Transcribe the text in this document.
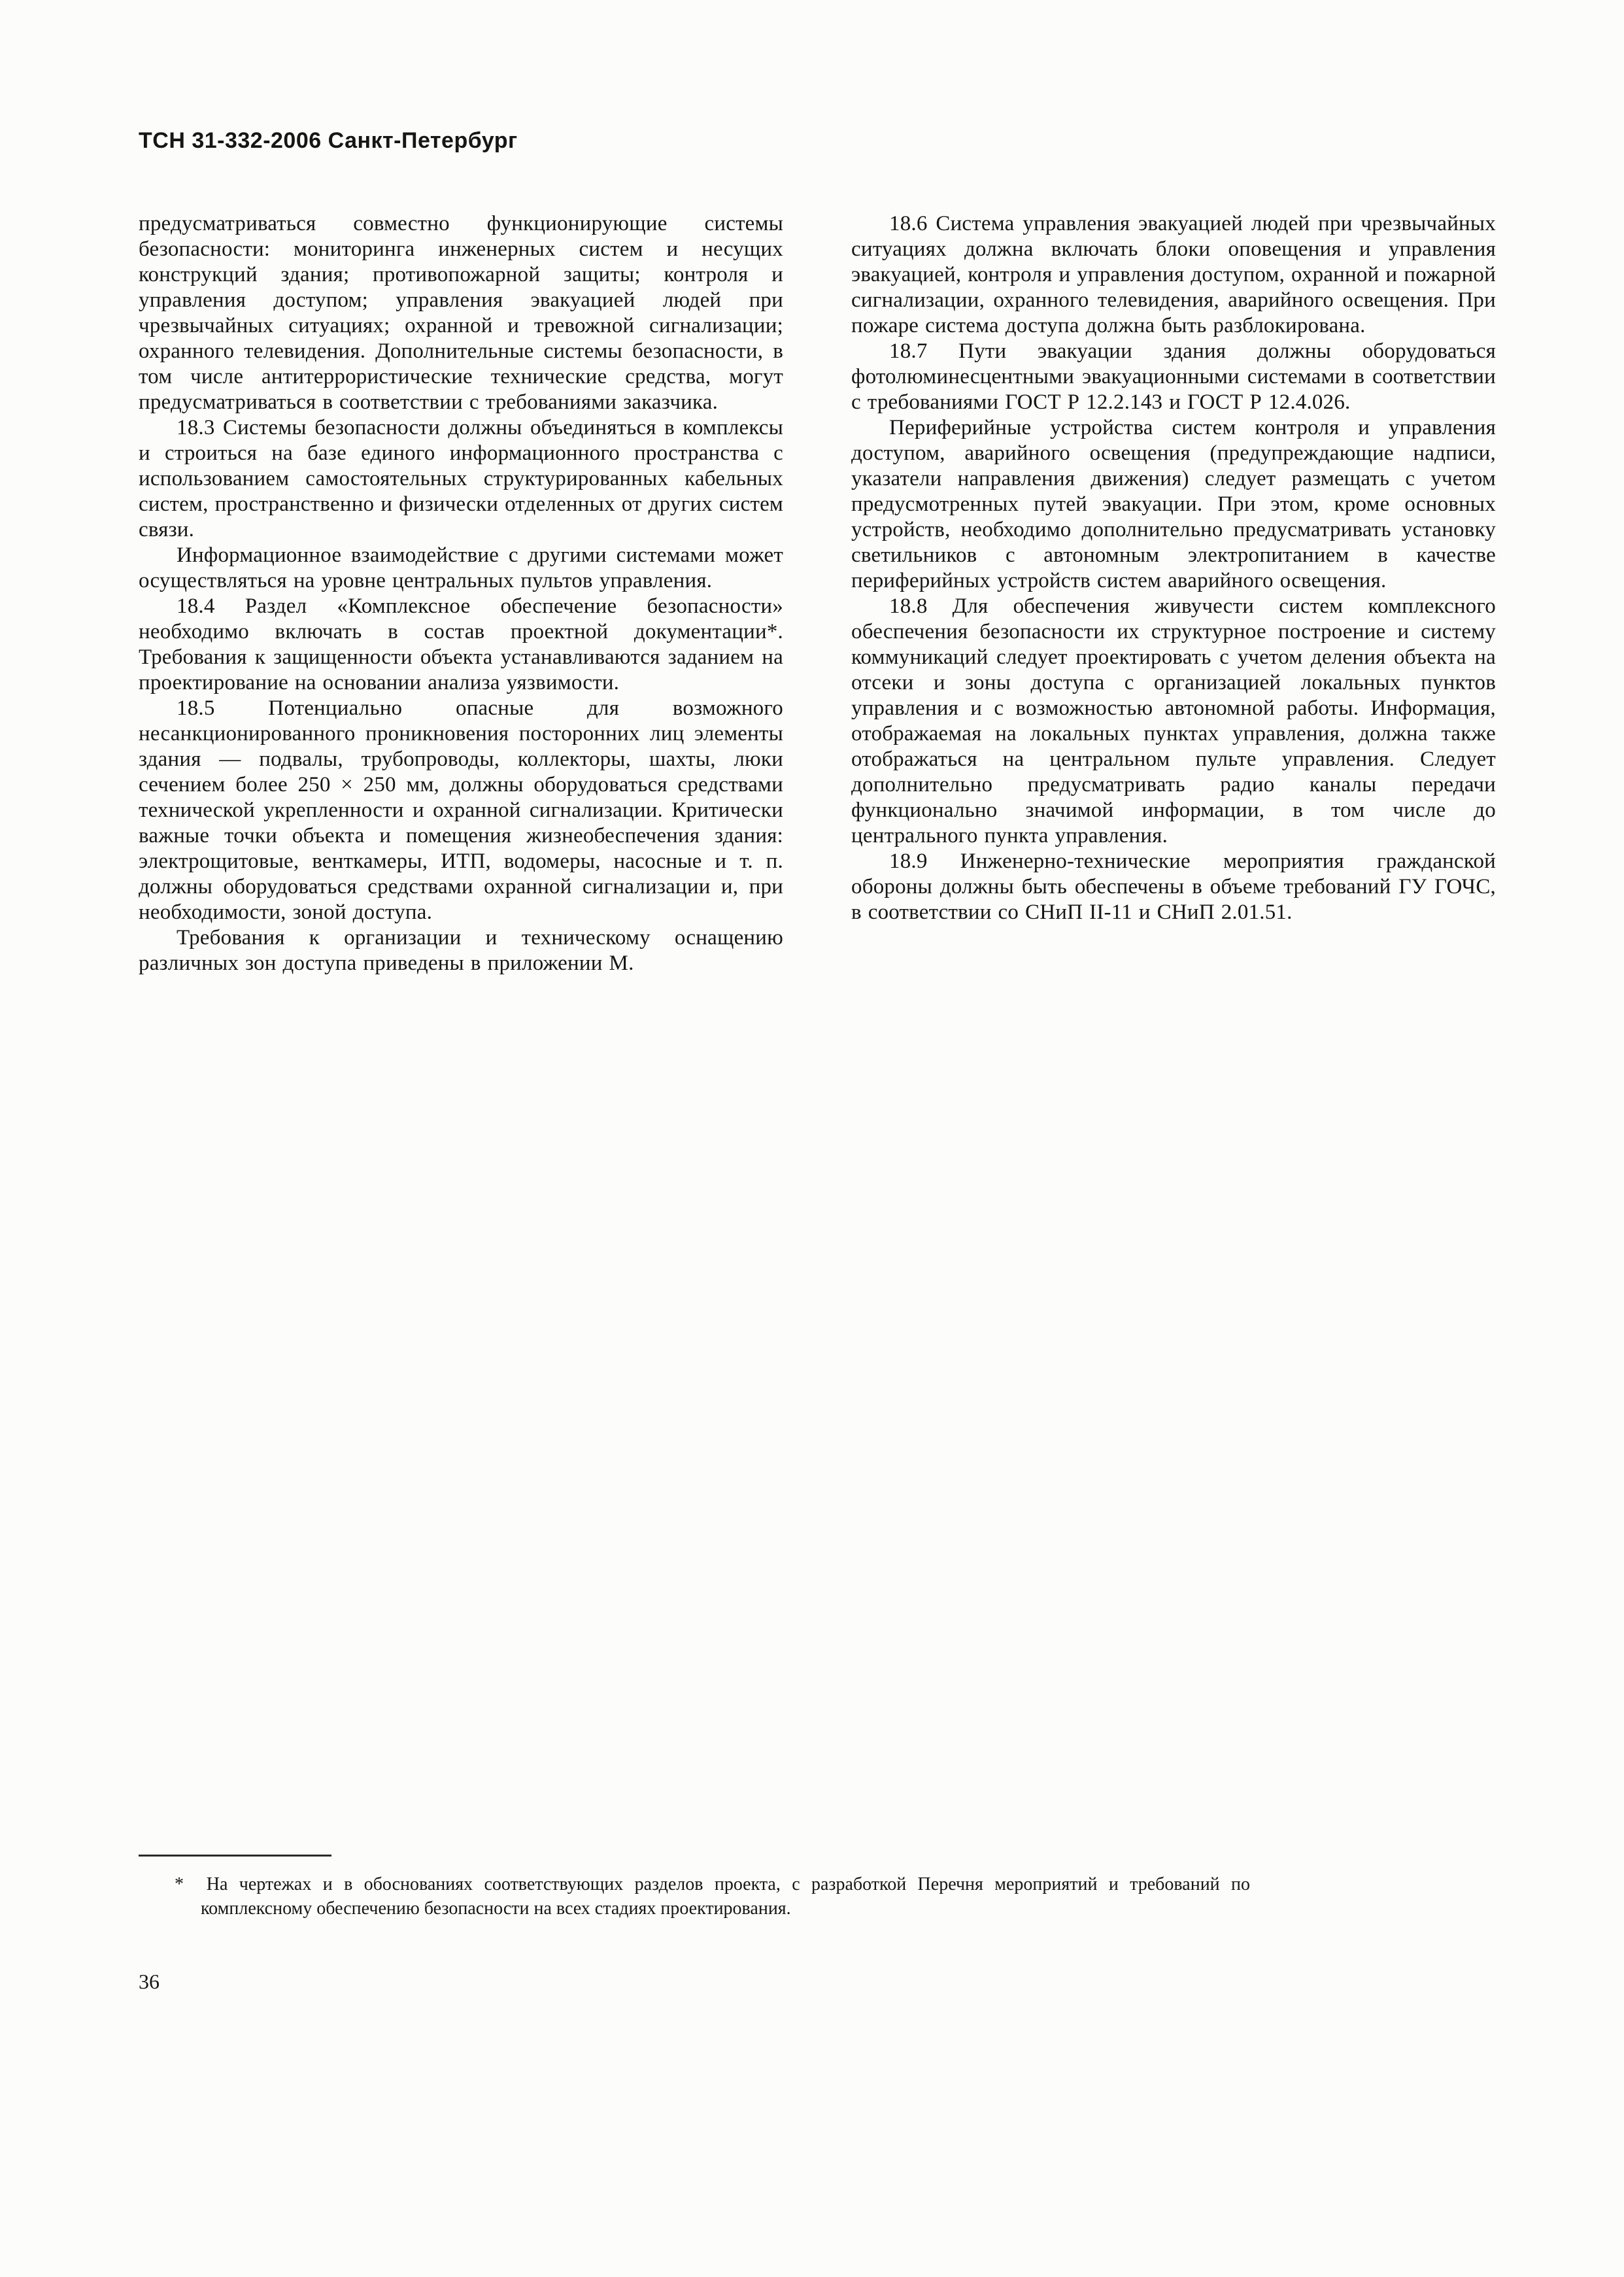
ТСН 31-332-2006 Санкт-Петербург

предусматриваться совместно функционирующие системы безопасности: мониторинга инженерных систем и несущих конструкций здания; противопожарной защиты; контроля и управления доступом; управления эвакуацией людей при чрезвычайных ситуациях; охранной и тревожной сигнализации; охранного телевидения. Дополнительные системы безопасности, в том числе антитеррористические технические средства, могут предусматриваться в соответствии с требованиями заказчика.

18.3 Системы безопасности должны объединяться в комплексы и строиться на базе единого информационного пространства с использованием самостоятельных структурированных кабельных систем, пространственно и физически отделенных от других систем связи.

Информационное взаимодействие с другими системами может осуществляться на уровне центральных пультов управления.

18.4 Раздел «Комплексное обеспечение безопасности» необходимо включать в состав проектной документации*. Требования к защищенности объекта устанавливаются заданием на проектирование на основании анализа уязвимости.

18.5 Потенциально опасные для возможного несанкционированного проникновения посторонних лиц элементы здания — подвалы, трубопроводы, коллекторы, шахты, люки сечением более 250 × 250 мм, должны оборудоваться средствами технической укрепленности и охранной сигнализации. Критически важные точки объекта и помещения жизнеобеспечения здания: электрощитовые, венткамеры, ИТП, водомеры, насосные и т. п. должны оборудоваться средствами охранной сигнализации и, при необходимости, зоной доступа.

Требования к организации и техническому оснащению различных зон доступа приведены в приложении М.

18.6 Система управления эвакуацией людей при чрезвычайных ситуациях должна включать блоки оповещения и управления эвакуацией, контроля и управления доступом, охранной и пожарной сигнализации, охранного телевидения, аварийного освещения. При пожаре система доступа должна быть разблокирована.

18.7 Пути эвакуации здания должны оборудоваться фотолюминесцентными эвакуационными системами в соответствии с требованиями ГОСТ Р 12.2.143 и ГОСТ Р 12.4.026.

Периферийные устройства систем контроля и управления доступом, аварийного освещения (предупреждающие надписи, указатели направления движения) следует размещать с учетом предусмотренных путей эвакуации. При этом, кроме основных устройств, необходимо дополнительно предусматривать установку светильников с автономным электропитанием в качестве периферийных устройств систем аварийного освещения.

18.8 Для обеспечения живучести систем комплексного обеспечения безопасности их структурное построение и систему коммуникаций следует проектировать с учетом деления объекта на отсеки и зоны доступа с организацией локальных пунктов управления и с возможностью автономной работы. Информация, отображаемая на локальных пунктах управления, должна также отображаться на центральном пульте управления. Следует дополнительно предусматривать радио каналы передачи функционально значимой информации, в том числе до центрального пункта управления.

18.9 Инженерно-технические мероприятия гражданской обороны должны быть обеспечены в объеме требований ГУ ГОЧС, в соответствии со СНиП II-11 и СНиП 2.01.51.

* На чертежах и в обоснованиях соответствующих разделов проекта, с разработкой Перечня мероприятий и требований по комплексному обеспечению безопасности на всех стадиях проектирования.

36
